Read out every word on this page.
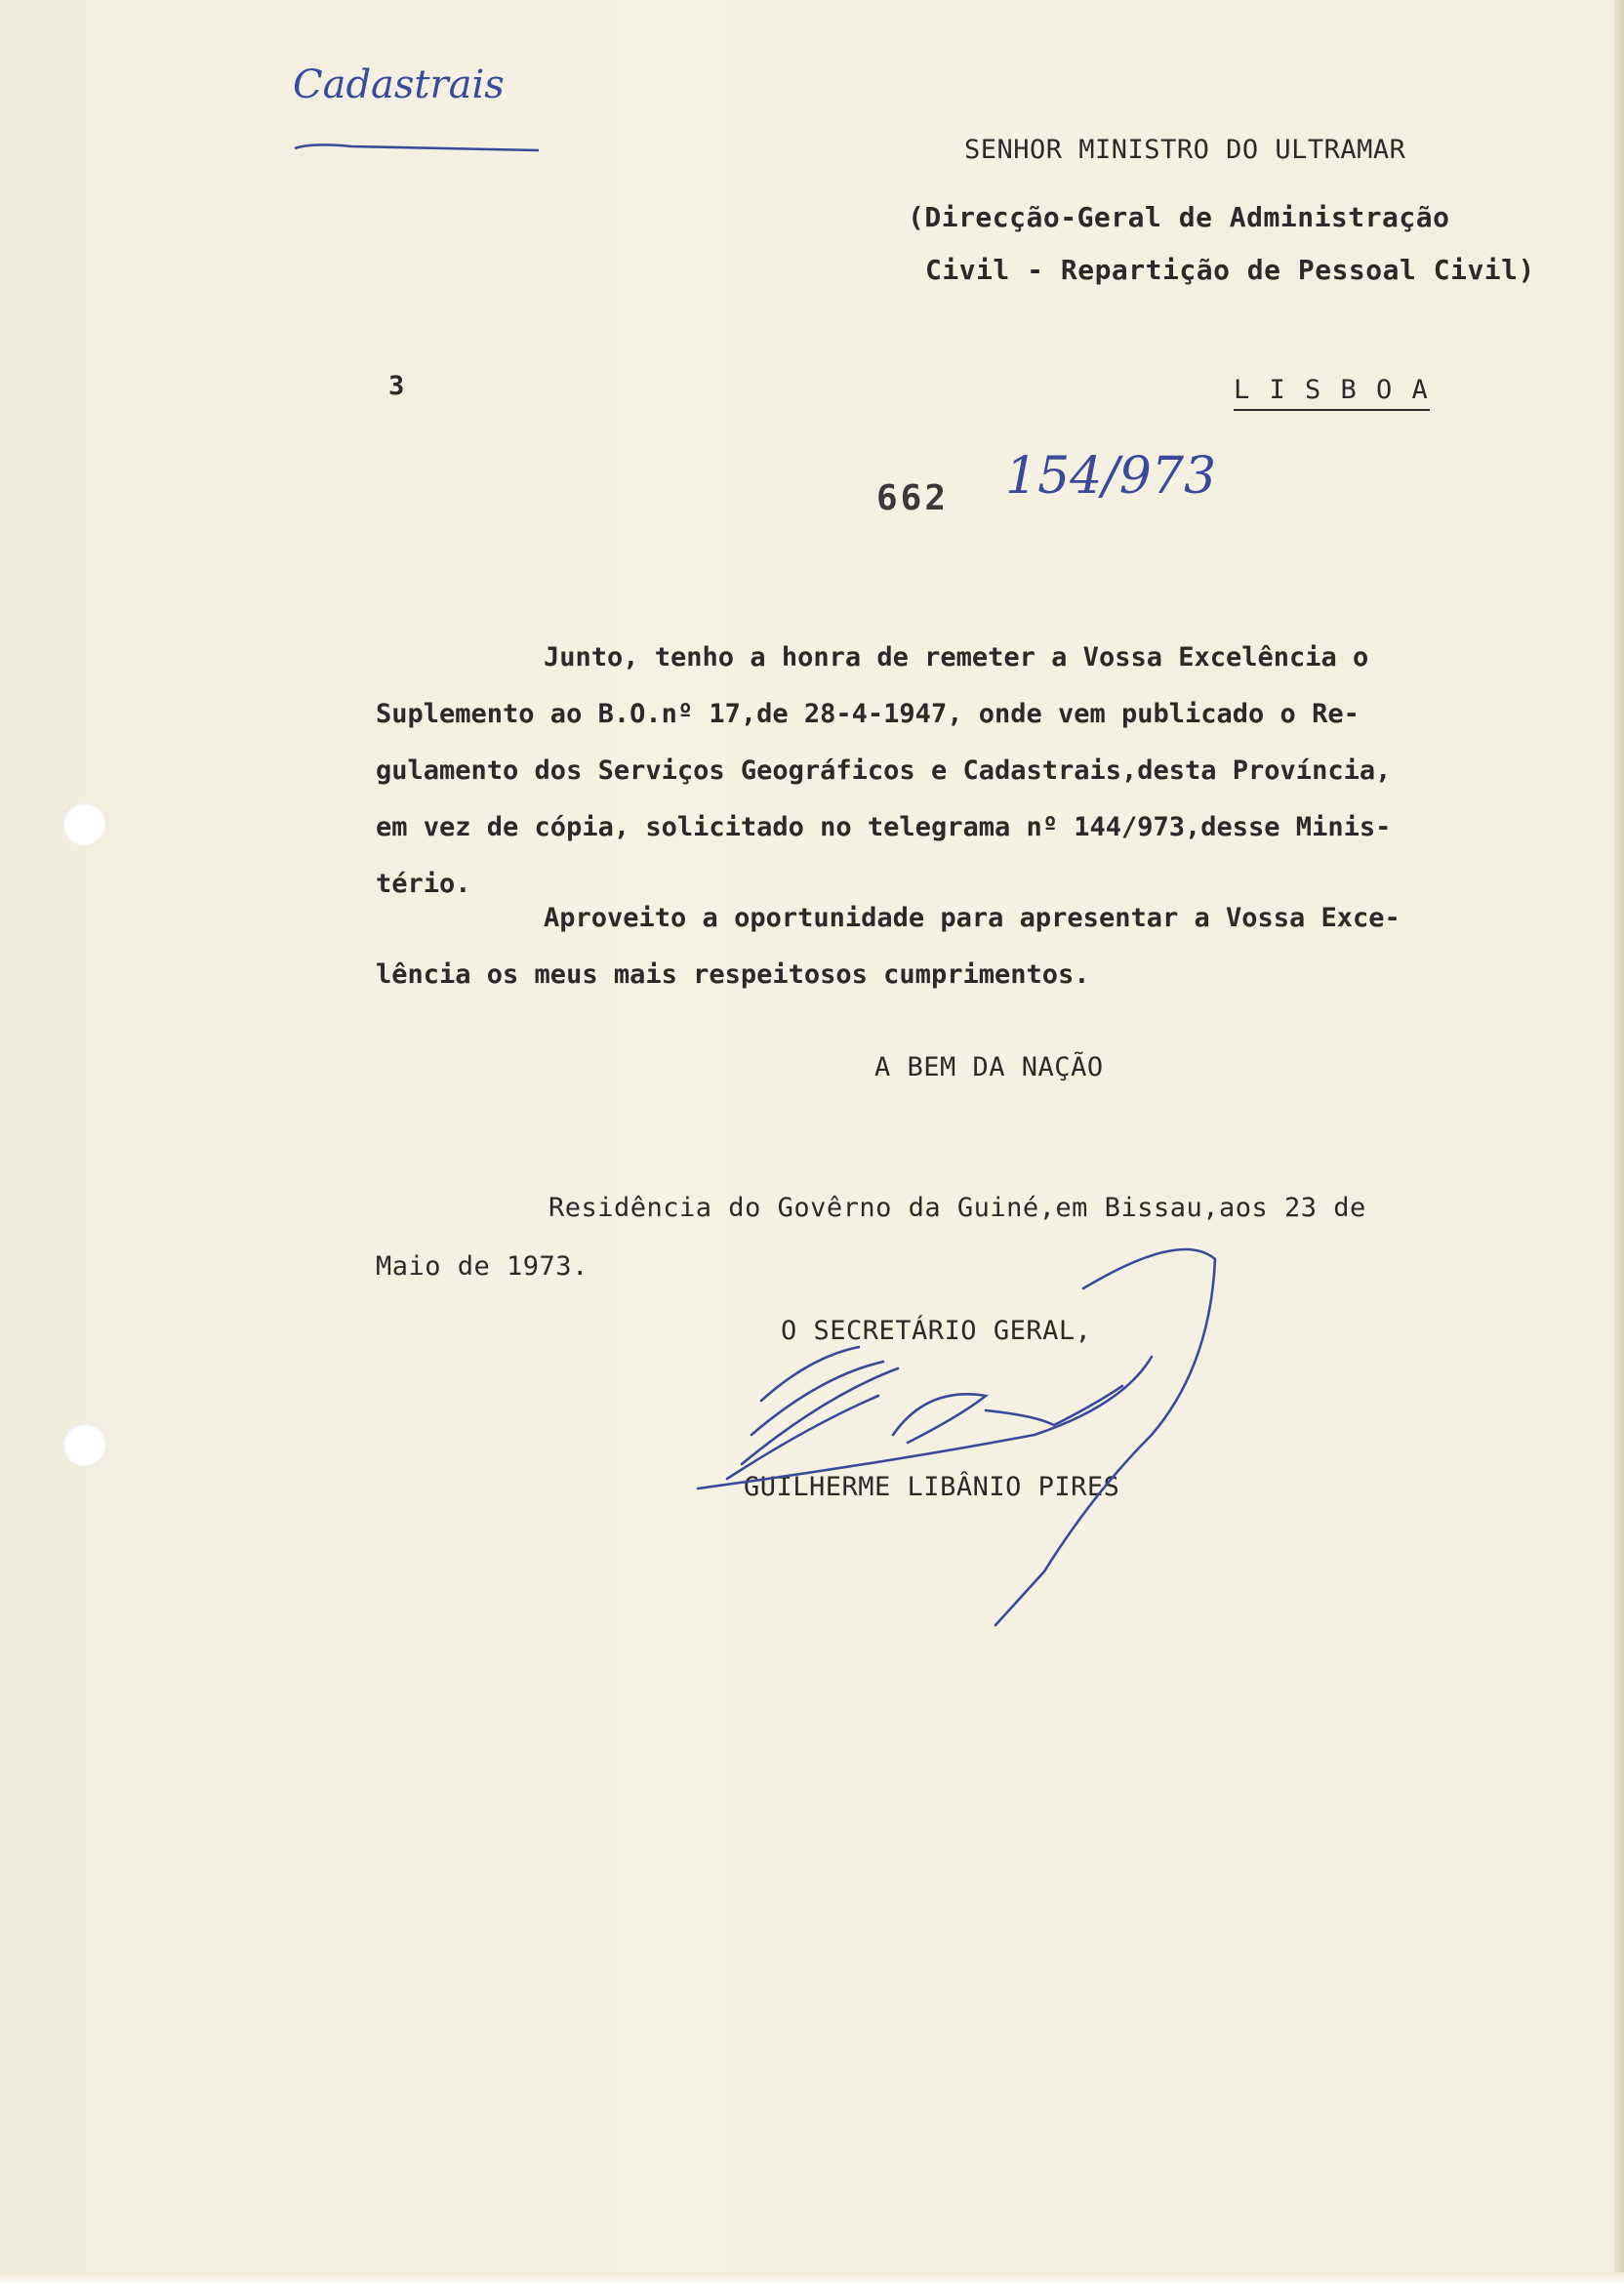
Cadastrais
SENHOR MINISTRO DO ULTRAMAR
(Direcção-Geral de Administração
Civil - Repartição de Pessoal Civil)
3	L I S B O A
662 154/973
Junto, tenho a honra de remeter a Vossa Excelência o
Suplemento ao B.O.nº 17,de 28-4-1947, onde vem publicado o Re-
gulamento dos Serviços Geográficos e Cadastrais,desta Província,
em vez de cópia, solicitado no telegrama nº 144/973,desse Minis-
tério.
Aproveito a oportunidade para apresentar a Vossa Exce-
lência os meus mais respeitosos cumprimentos.
A BEM DA NAÇÃO
Residência do Govêrno da Guiné,em Bissau,aos 23 de
Maio de 1973.
O SECRETÁRIO GERAL,
GUILHERME LIBÂNIO PIRES
